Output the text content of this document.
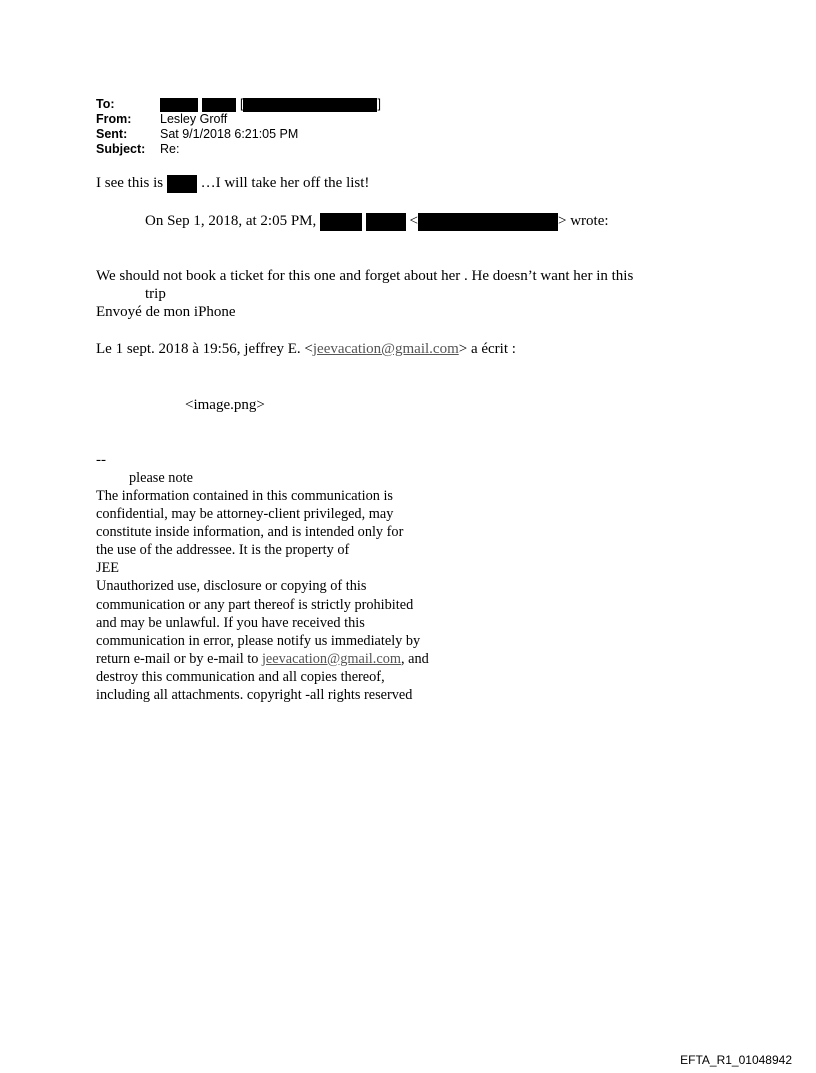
To:	[	]
From:	Lesley Groff
Sent:	Sat 9/1/2018 6:21:05 PM
Subject:	Re:
I see this is	…I will take her off the list!
On Sep 1, 2018, at 2:05 PM,	<	> wrote:
We should not book a ticket for this one and forget about her . He doesn’t want her in this
trip
Envoyé de mon iPhone
Le 1 sept. 2018 à 19:56, jeffrey E. <jeevacation@gmail.com> a écrit :
<image.png>
--
please note
The information contained in this communication is
confidential, may be attorney-client privileged, may
constitute inside information, and is intended only for
the use of the addressee. It is the property of
JEE
Unauthorized use, disclosure or copying of this
communication or any part thereof is strictly prohibited
and may be unlawful. If you have received this
communication in error, please notify us immediately by
return e-mail or by e-mail to jeevacation@gmail.com, and
destroy this communication and all copies thereof,
including all attachments. copyright -all rights reserved
EFTA_R1_01048942
